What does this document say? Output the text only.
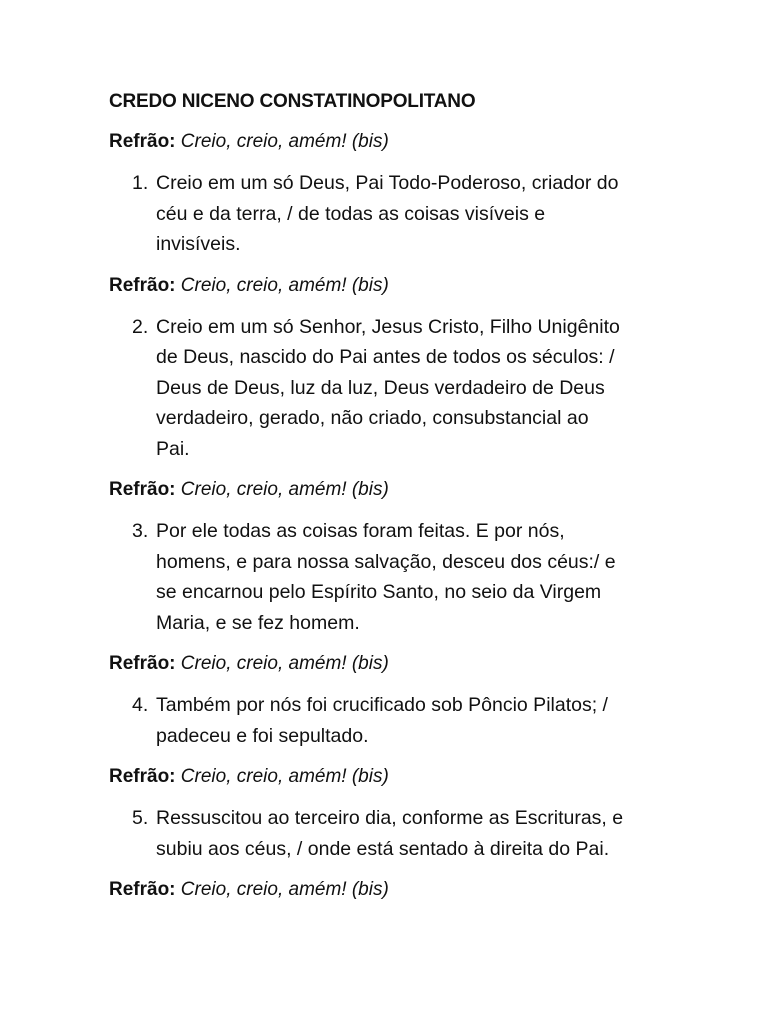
CREDO NICENO CONSTATINOPOLITANO
Refrão: Creio, creio, amém! (bis)
1. Creio em um só Deus, Pai Todo-Poderoso, criador do
céu e da terra, / de todas as coisas visíveis e
invisíveis.
Refrão: Creio, creio, amém! (bis)
2. Creio em um só Senhor, Jesus Cristo, Filho Unigênito
de Deus, nascido do Pai antes de todos os séculos: /
Deus de Deus, luz da luz, Deus verdadeiro de Deus
verdadeiro, gerado, não criado, consubstancial ao
Pai.
Refrão: Creio, creio, amém! (bis)
3. Por ele todas as coisas foram feitas. E por nós,
homens, e para nossa salvação, desceu dos céus:/ e
se encarnou pelo Espírito Santo, no seio da Virgem
Maria, e se fez homem.
Refrão: Creio, creio, amém! (bis)
4. Também por nós foi crucificado sob Pôncio Pilatos; /
padeceu e foi sepultado.
Refrão: Creio, creio, amém! (bis)
5. Ressuscitou ao terceiro dia, conforme as Escrituras, e
subiu aos céus, / onde está sentado à direita do Pai.
Refrão: Creio, creio, amém! (bis)
